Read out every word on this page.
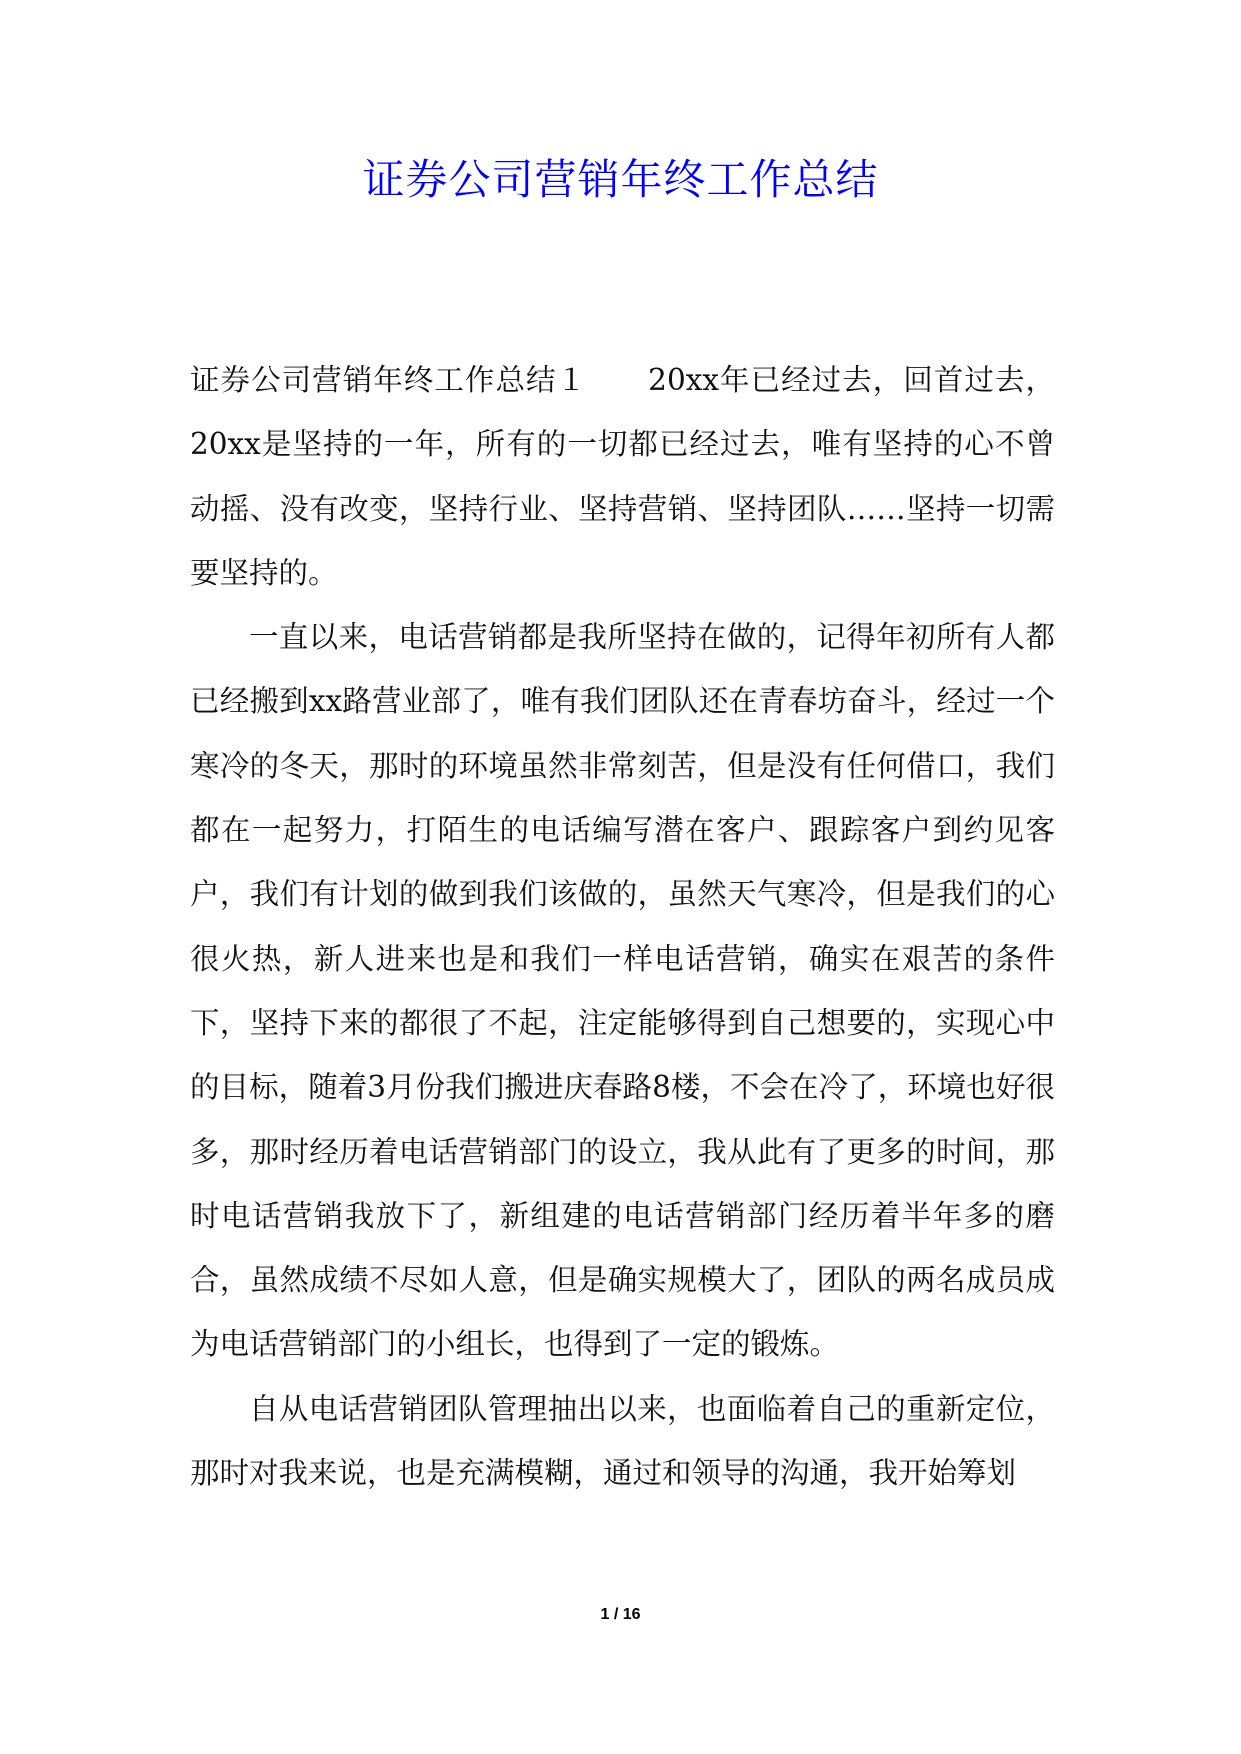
证券公司营销年终工作总结

证券公司营销年终工作总结１　　20xx年已经过去，回首过去，20xx是坚持的一年，所有的一切都已经过去，唯有坚持的心不曾动摇、没有改变，坚持行业、坚持营销、坚持团队……坚持一切需要坚持的。

一直以来，电话营销都是我所坚持在做的，记得年初所有人都已经搬到xx路营业部了，唯有我们团队还在青春坊奋斗，经过一个寒冷的冬天，那时的环境虽然非常刻苦，但是没有任何借口，我们都在一起努力，打陌生的电话编写潜在客户、跟踪客户到约见客户，我们有计划的做到我们该做的，虽然天气寒冷，但是我们的心很火热，新人进来也是和我们一样电话营销，确实在艰苦的条件下，坚持下来的都很了不起，注定能够得到自己想要的，实现心中的目标，随着3月份我们搬进庆春路8楼，不会在冷了，环境也好很多，那时经历着电话营销部门的设立，我从此有了更多的时间，那时电话营销我放下了，新组建的电话营销部门经历着半年多的磨合，虽然成绩不尽如人意，但是确实规模大了，团队的两名成员成为电话营销部门的小组长，也得到了一定的锻炼。

自从电话营销团队管理抽出以来，也面临着自己的重新定位，那时对我来说，也是充满模糊，通过和领导的沟通，我开始筹划

1 / 16
